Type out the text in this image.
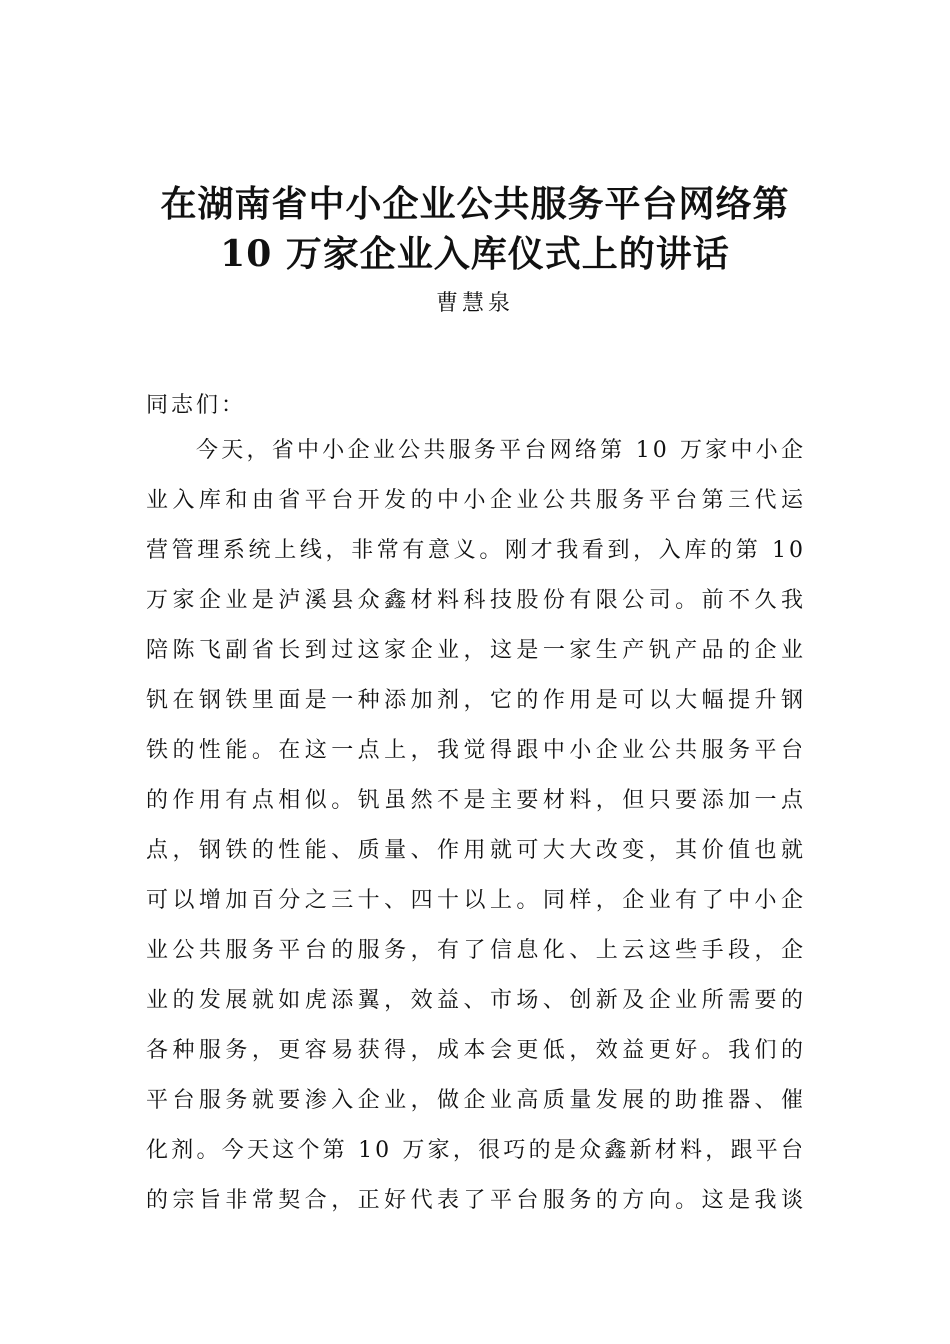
在湖南省中小企业公共服务平台网络第
10 万家企业入库仪式上的讲话
曹慧泉
同志们：
今天，省中小企业公共服务平台网络第 10 万家中小企
业入库和由省平台开发的中小企业公共服务平台第三代运
营管理系统上线，非常有意义。刚才我看到，入库的第 10
万家企业是泸溪县众鑫材料科技股份有限公司。前不久我
陪陈飞副省长到过这家企业，这是一家生产钒产品的企业
钒在钢铁里面是一种添加剂，它的作用是可以大幅提升钢
铁的性能。在这一点上，我觉得跟中小企业公共服务平台
的作用有点相似。钒虽然不是主要材料，但只要添加一点
点，钢铁的性能、质量、作用就可大大改变，其价值也就
可以增加百分之三十、四十以上。同样，企业有了中小企
业公共服务平台的服务，有了信息化、上云这些手段，企
业的发展就如虎添翼，效益、市场、创新及企业所需要的
各种服务，更容易获得，成本会更低，效益更好。我们的
平台服务就要渗入企业，做企业高质量发展的助推器、催
化剂。今天这个第 10 万家，很巧的是众鑫新材料，跟平台
的宗旨非常契合，正好代表了平台服务的方向。这是我谈
